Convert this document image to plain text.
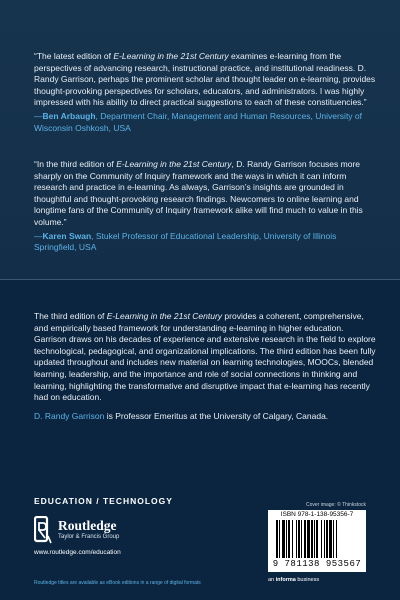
“The latest edition of E-Learning in the 21st Century examines e-learning from the perspectives of advancing research, instructional practice, and institutional readiness. D. Randy Garrison, perhaps the prominent scholar and thought leader on e-learning, provides thought-provoking perspectives for scholars, educators, and administrators. I was highly impressed with his ability to direct practical suggestions to each of these constituencies.”

—Ben Arbaugh, Department Chair, Management and Human Resources, University of Wisconsin Oshkosh, USA

“In the third edition of E-Learning in the 21st Century, D. Randy Garrison focuses more sharply on the Community of Inquiry framework and the ways in which it can inform research and practice in e-learning. As always, Garrison’s insights are grounded in thoughtful and thought-provoking research findings. Newcomers to online learning and longtime fans of the Community of Inquiry framework alike will find much to value in this volume.”

—Karen Swan, Stukel Professor of Educational Leadership, University of Illinois Springfield, USA

The third edition of E-Learning in the 21st Century provides a coherent, comprehensive, and empirically based framework for understanding e-learning in higher education. Garrison draws on his decades of experience and extensive research in the field to explore technological, pedagogical, and organizational implications. The third edition has been fully updated throughout and includes new material on learning technologies, MOOCs, blended learning, leadership, and the importance and role of social connections in thinking and learning, highlighting the transformative and disruptive impact that e-learning has recently had on education.

D. Randy Garrison is Professor Emeritus at the University of Calgary, Canada.

EDUCATION / TECHNOLOGY
Routledge
Taylor & Francis Group
www.routledge.com/education
Routledge titles are available as eBook editions in a range of digital formats
Cover image: © Thinkstock
ISBN 978-1-138-95356-7
9 781138 953567
an informa business
